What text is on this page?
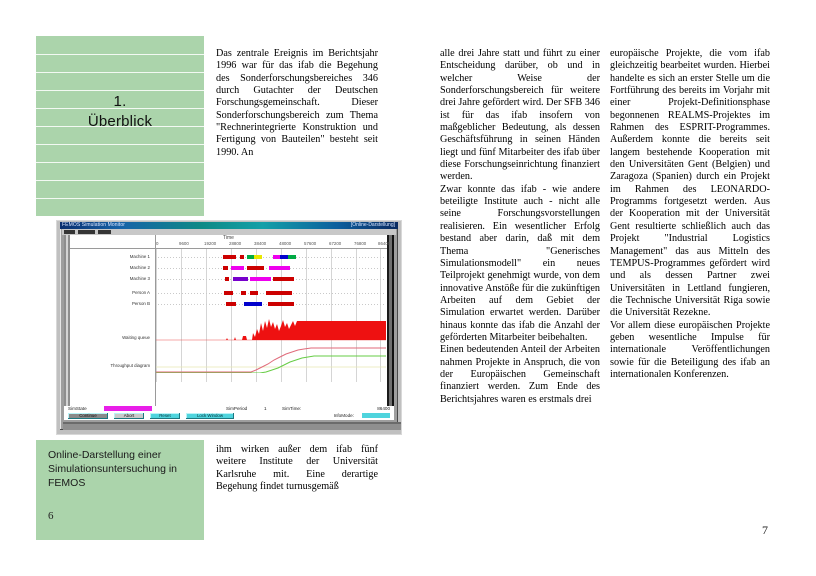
1.
Überblick
FEMOS Simulation Monitor	[Online-Darstellung]
Time
0	9600	19200	28800	38400	48000	57600	67200	76800	86400
Machine 1
Machine 2
Machine 3
Person A
Person B
Waiting queue
Throughput diagram
SimState	SimPeriod	1	SimTime:	86400
Continue	Abort	Reset	Lock Window	InfoMode:
Online-Darstellung einer Simulationsuntersuchung in FEMOS
6

Das zentrale Ereignis im Berichtsjahr 1996 war für das ifab die Begehung des Sonderforschungsbereiches 346 durch Gutachter der Deutschen Forschungsgemeinschaft. Dieser Sonderforschungsbereich zum Thema "Rechnerintegrierte Konstruktion und Fertigung von Bauteilen" besteht seit 1990. An

ihm wirken außer dem ifab fünf weitere Institute der Universität Karlsruhe mit. Eine derartige Begehung findet turnusgemäß

alle drei Jahre statt und führt zu einer Entscheidung darüber, ob und in welcher Weise der Sonderforschungsbereich für weitere drei Jahre gefördert wird. Der SFB 346 ist für das ifab insofern von maßgeblicher Bedeutung, als dessen Geschäftsführung in seinen Händen liegt und fünf Mitarbeiter des ifab über diese Forschungseinrichtung finanziert werden.

Zwar konnte das ifab - wie andere beteiligte Institute auch - nicht alle seine Forschungsvorstellungen realisieren. Ein wesentlicher Erfolg bestand aber darin, daß mit dem Thema "Generisches Simulationsmodell" ein neues Teilprojekt genehmigt wurde, von dem innovative Anstöße für die zukünftigen Arbeiten auf dem Gebiet der Simulation erwartet werden. Darüber hinaus konnte das ifab die Anzahl der geförderten Mitarbeiter beibehalten.

Einen bedeutenden Anteil der Arbeiten nahmen Projekte in Anspruch, die von der Europäischen Gemeinschaft finanziert werden. Zum Ende des Berichtsjahres waren es erstmals drei

europäische Projekte, die vom ifab gleichzeitig bearbeitet wurden. Hierbei handelte es sich an erster Stelle um die Fortführung des bereits im Vorjahr mit einer Projekt-Definitionsphase begonnenen REALMS-Projektes im Rahmen des ESPRIT-Programmes. Außerdem konnte die bereits seit langem bestehende Kooperation mit den Universitäten Gent (Belgien) und Zaragoza (Spanien) durch ein Projekt im Rahmen des LEONARDO-Programms fortgesetzt werden. Aus der Kooperation mit der Universität Gent resultierte schließlich auch das Projekt "Industrial Logistics Management" das aus Mitteln des TEMPUS-Programmes gefördert wird und als dessen Partner zwei Universitäten in Lettland fungieren, die Technische Universität Riga sowie die Universität Rezekne.

Vor allem diese europäischen Projekte geben wesentliche Impulse für internationale Veröffentlichungen sowie für die Beteiligung des ifab an internationalen Konferenzen.

7
